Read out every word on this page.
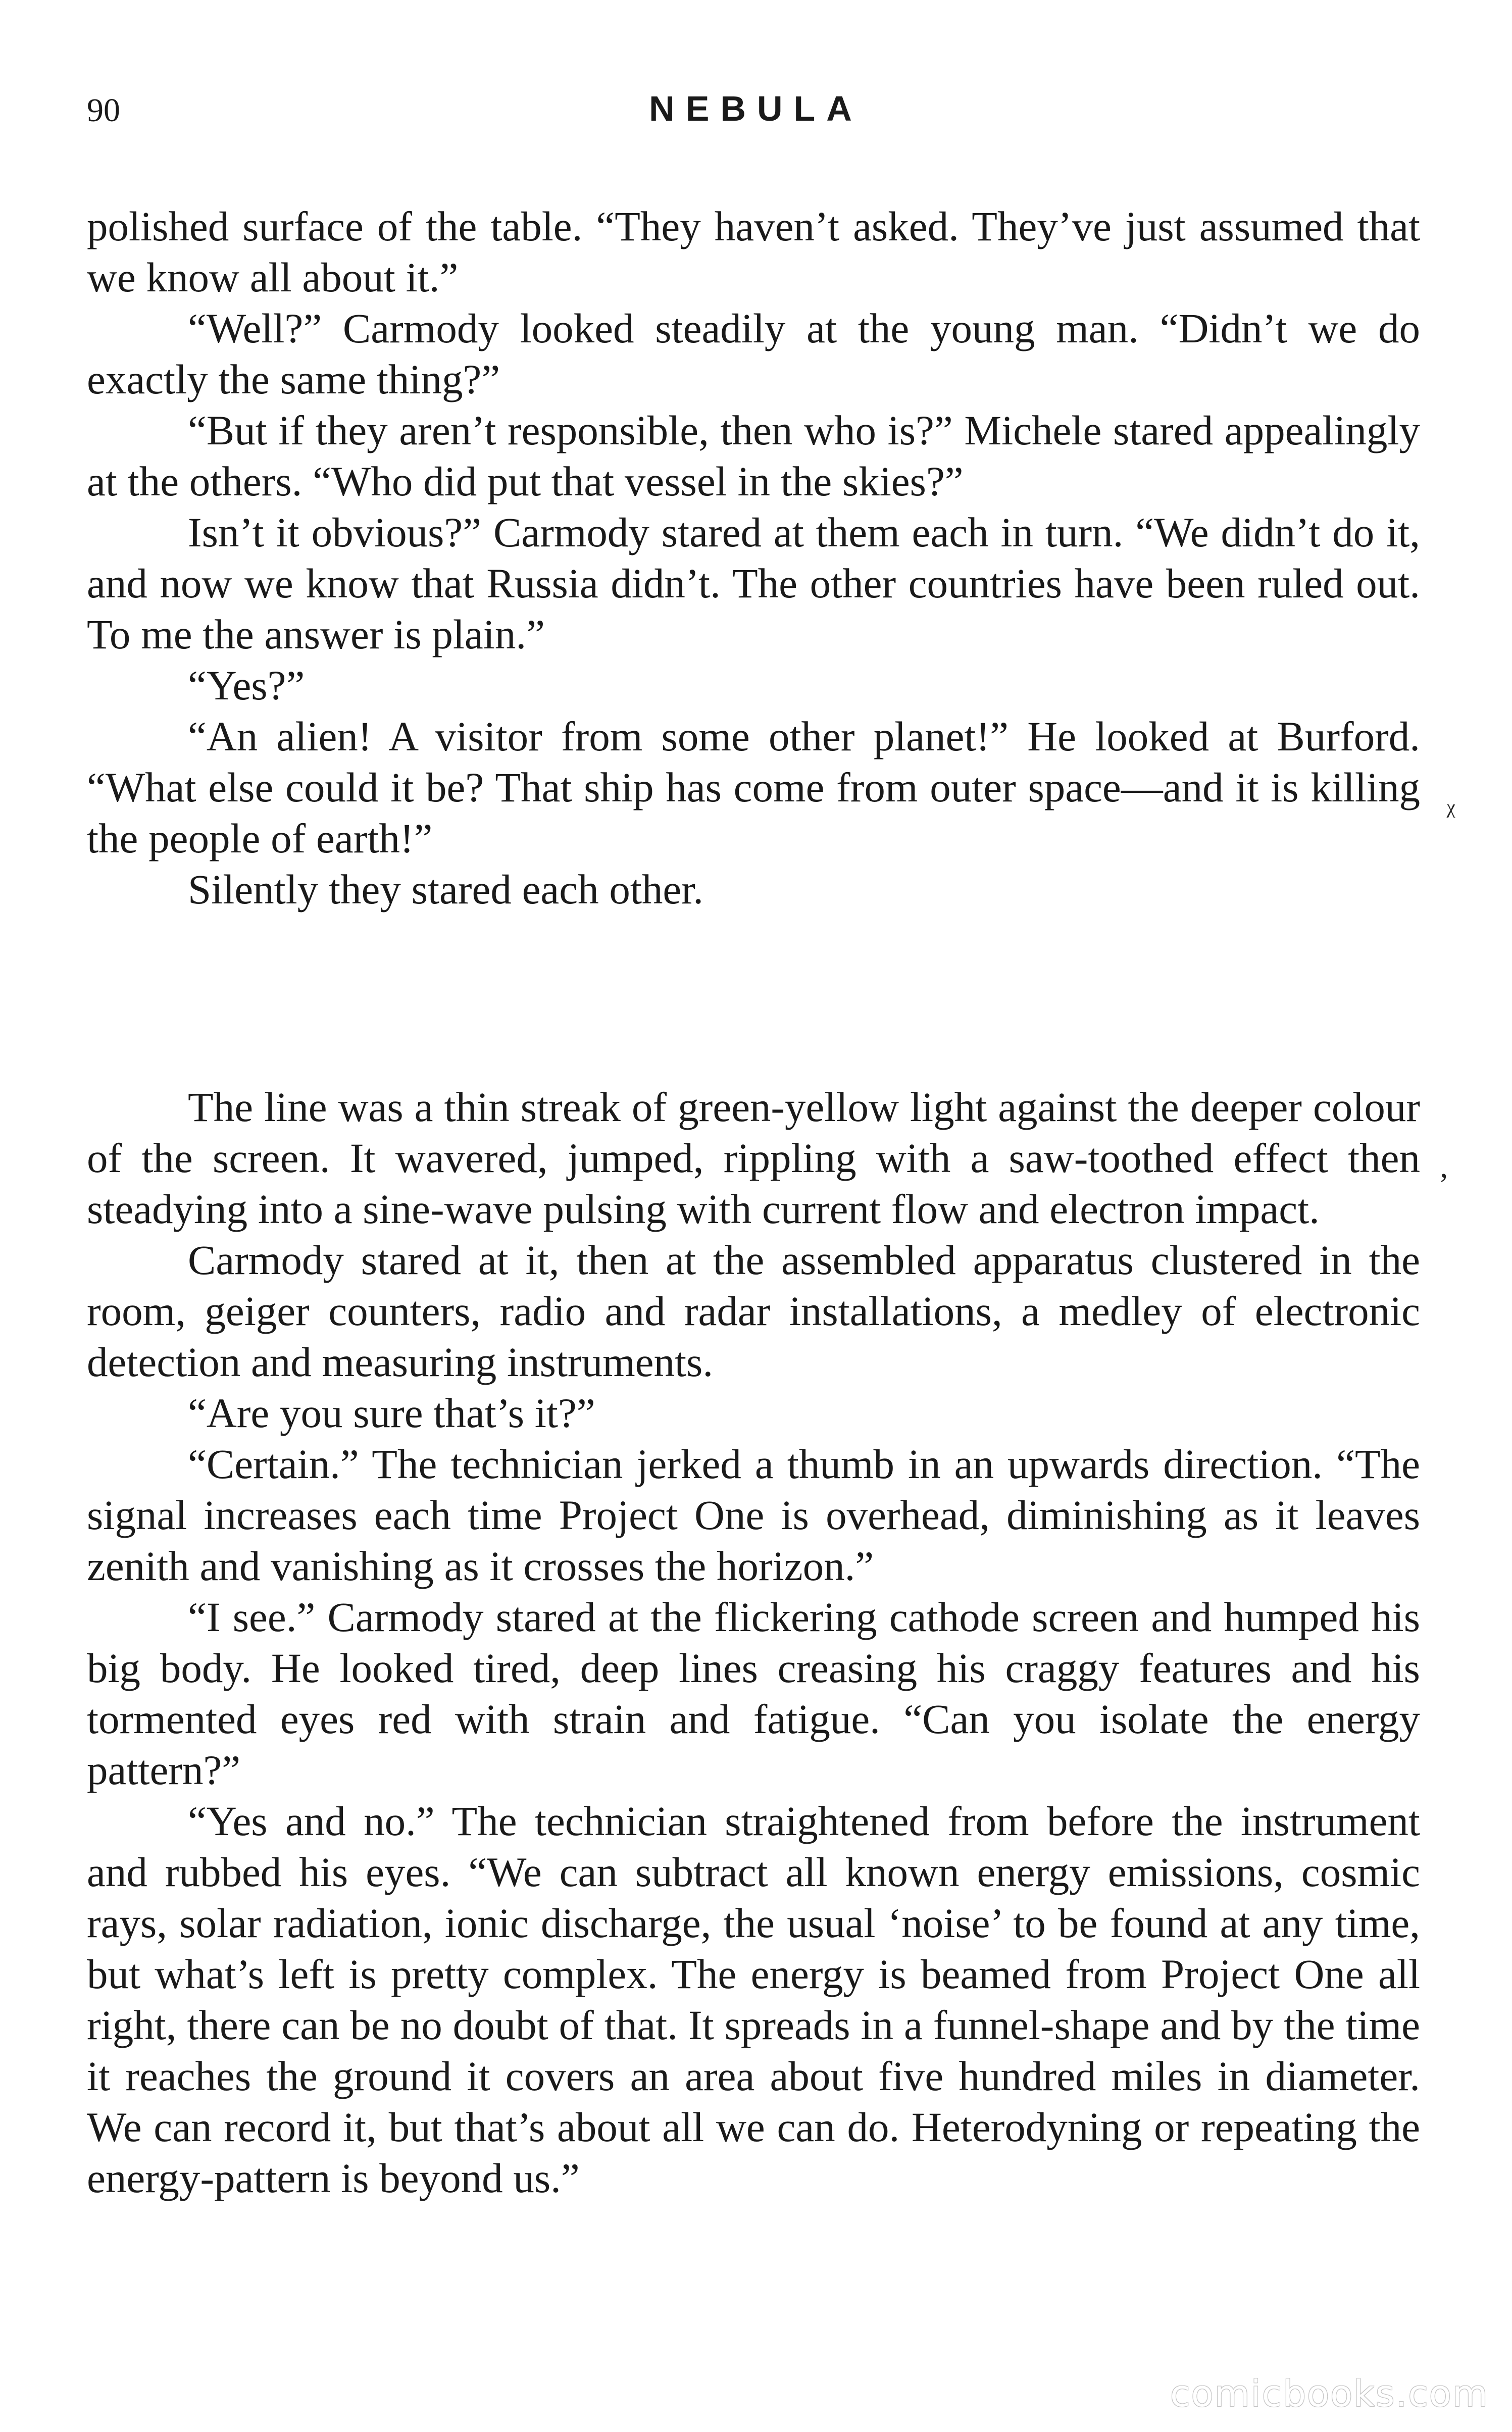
90	NEBULA

polished surface of the table. “They haven’t asked. They’ve just assumed that we know all about it.”

“Well?” Carmody looked steadily at the young man. “Didn’t we do exactly the same thing?”

“But if they aren’t responsible, then who is?” Michele stared appealingly at the others. “Who did put that vessel in the skies?”

Isn’t it obvious?” Carmody stared at them each in turn. “We didn’t do it, and now we know that Russia didn’t. The other countries have been ruled out. To me the answer is plain.”

“Yes?”

“An alien! A visitor from some other planet!” He looked at Burford. “What else could it be? That ship has come from outer space—and it is killing the people of earth!”

Silently they stared each other.

The line was a thin streak of green-yellow light against the deeper colour of the screen. It wavered, jumped, rippling with a saw-toothed effect then steadying into a sine-wave pulsing with current flow and electron impact.

Carmody stared at it, then at the assembled apparatus clustered in the room, geiger counters, radio and radar installations, a medley of electronic detection and measuring instruments.

“Are you sure that’s it?”

“Certain.” The technician jerked a thumb in an upwards direction. “The signal increases each time Project One is overhead, diminishing as it leaves zenith and vanishing as it crosses the horizon.”

“I see.” Carmody stared at the flickering cathode screen and humped his big body. He looked tired, deep lines creasing his craggy features and his tormented eyes red with strain and fatigue. “Can you isolate the energy pattern?”

“Yes and no.” The technician straightened from before the instrument and rubbed his eyes. “We can subtract all known energy emissions, cosmic rays, solar radiation, ionic discharge, the usual ‘noise’ to be found at any time, but what’s left is pretty complex. The energy is beamed from Project One all right, there can be no doubt of that. It spreads in a funnel-shape and by the time it reaches the ground it covers an area about five hundred miles in diameter. We can record it, but that’s about all we can do. Heterodyning or repeating the energy-pattern is beyond us.”

ᵪ
’
comicbooks.com
